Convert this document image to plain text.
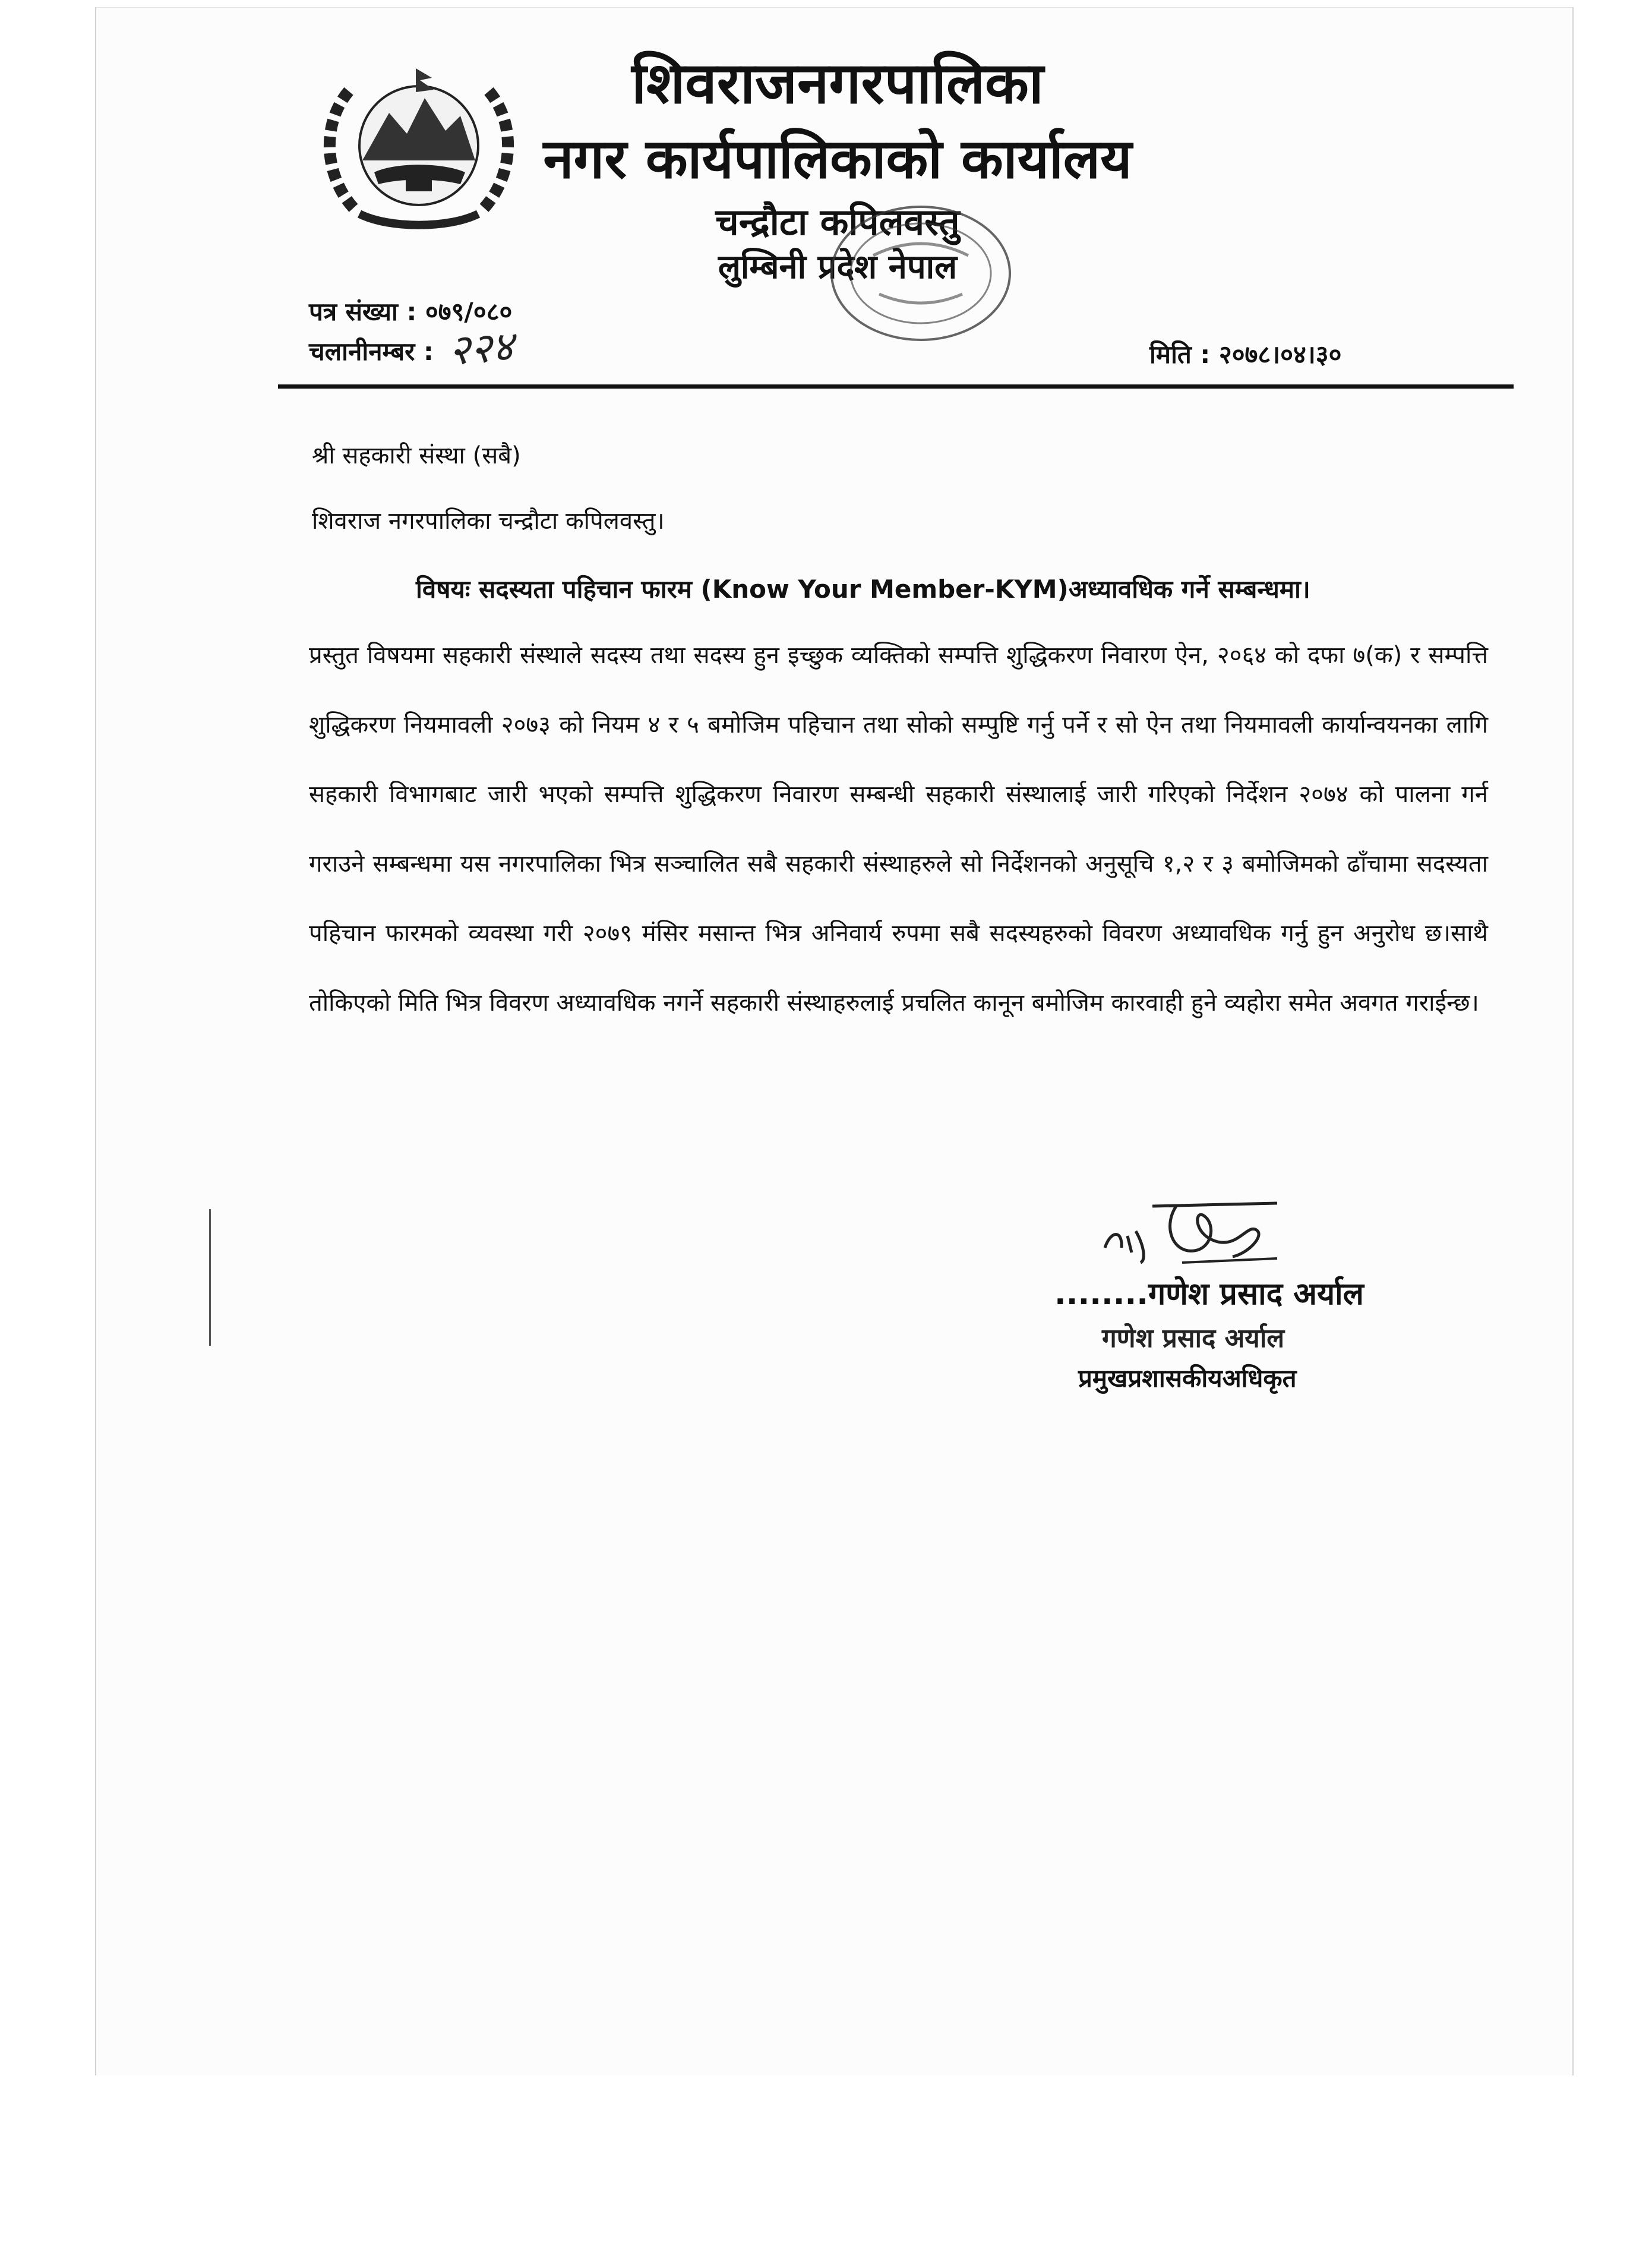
शिवराजनगरपालिका
नगर कार्यपालिकाको कार्यालय
चन्द्रौटा कपिलवस्तु
लुम्बिनी प्रदेश नेपाल
पत्र संख्या : ०७९/०८०
चलानीनम्बर : २२४	मिति : २०७८।०४।३०
श्री सहकारी संस्था (सबै)
शिवराज नगरपालिका चन्द्रौटा कपिलवस्तु।
विषयः सदस्यता पहिचान फारम (Know Your Member-KYM)अध्यावधिक गर्ने सम्बन्धमा।
प्रस्तुत विषयमा सहकारी संस्थाले सदस्य तथा सदस्य हुन इच्छुक व्यक्तिको सम्पत्ति शुद्धिकरण निवारण ऐन, २०६४ को दफा ७(क) र सम्पत्ति शुद्धिकरण नियमावली २०७३ को नियम ४ र ५ बमोजिम पहिचान तथा सोको सम्पुष्टि गर्नु पर्ने र सो ऐन तथा नियमावली कार्यान्वयनका लागि सहकारी विभागबाट जारी भएको सम्पत्ति शुद्धिकरण निवारण सम्बन्धी सहकारी संस्थालाई जारी गरिएको निर्देशन २०७४ को पालना गर्न गराउने सम्बन्धमा यस नगरपालिका भित्र सञ्चालित सबै सहकारी संस्थाहरुले सो निर्देशनको अनुसूचि १,२ र ३ बमोजिमको ढाँचामा सदस्यता पहिचान फारमको व्यवस्था गरी २०७९ मंसिर मसान्त भित्र अनिवार्य रुपमा सबै सदस्यहरुको विवरण अध्यावधिक गर्नु हुन अनुरोध छ।साथै तोकिएको मिति भित्र विवरण अध्यावधिक नगर्ने सहकारी संस्थाहरुलाई प्रचलित कानून बमोजिम कारवाही हुने व्यहोरा समेत अवगत गराईन्छ।
........गणेश प्रसाद अर्याल
गणेश प्रसाद अर्याल
प्रमुखप्रशासकीयअधिकृत
